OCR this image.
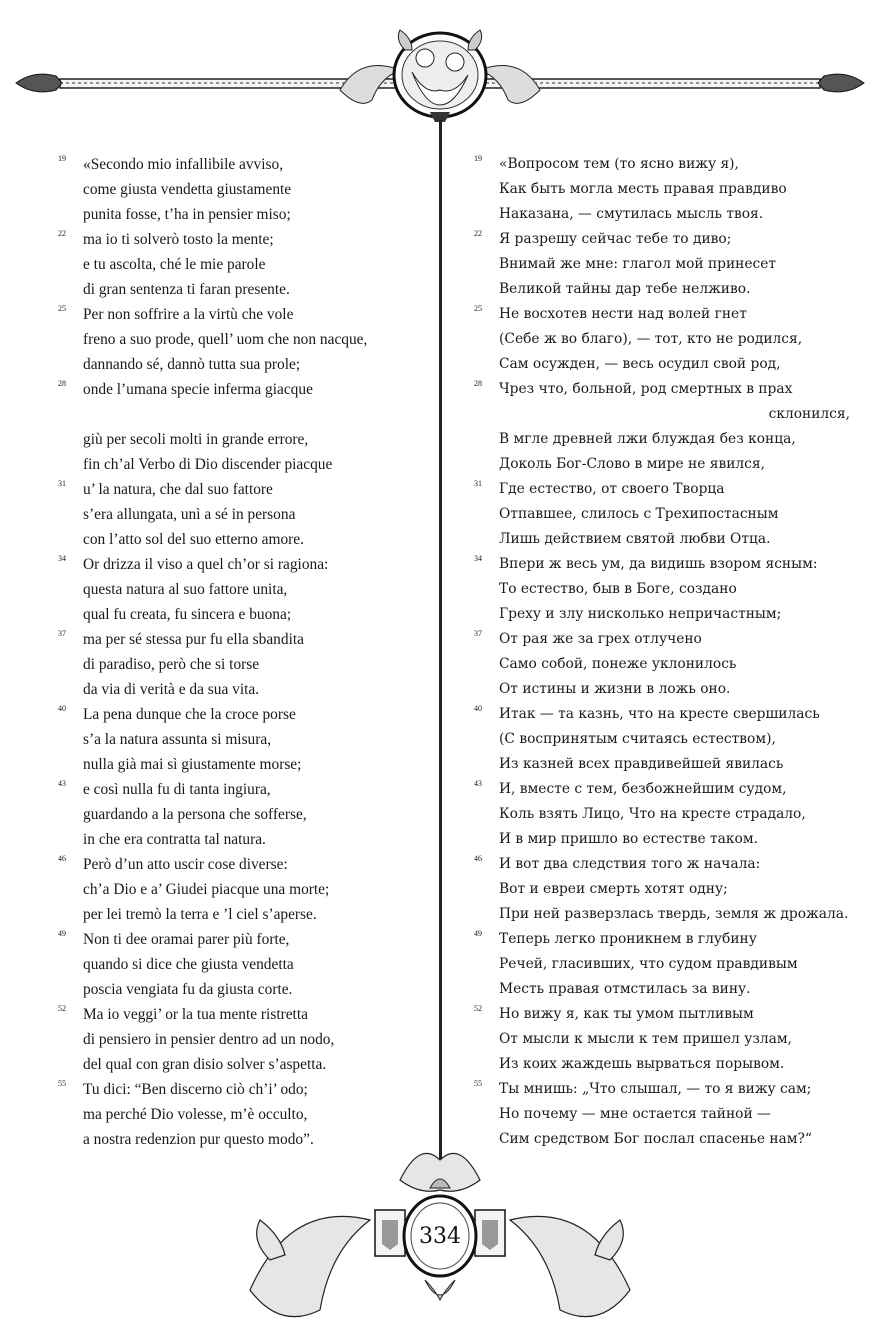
19 «Secondo mio infallibile avviso,
come giusta vendetta giustamente
punita fosse, t’ha in pensier miso;
22 ma io ti solverò tosto la mente;
e tu ascolta, ché le mie parole
di gran sentenza ti faran presente.
25 Per non soffrire a la virtù che vole
freno a suo prode, quell’ uom che non nacque,
dannando sé, dannò tutta sua prole;
28 onde l’umana specie inferma giacque
giù per secoli molti in grande errore,
fin ch’al Verbo di Dio discender piacque
31 u’ la natura, che dal suo fattore
s’era allungata, unì a sé in persona
con l’atto sol del suo etterno amore.
34 Or drizza il viso a quel ch’or si ragiona:
questa natura al suo fattore unita,
qual fu creata, fu sincera e buona;
37 ma per sé stessa pur fu ella sbandita
di paradiso, però che si torse
da via di verità e da sua vita.
40 La pena dunque che la croce porse
s’a la natura assunta si misura,
nulla già mai sì giustamente morse;
43 e così nulla fu di tanta ingiura,
guardando a la persona che sofferse,
in che era contratta tal natura.
46 Però d’un atto uscir cose diverse:
ch’a Dio e a’ Giudei piacque una morte;
per lei tremò la terra e ’l ciel s’aperse.
49 Non ti dee oramai parer più forte,
quando si dice che giusta vendetta
poscia vengiata fu da giusta corte.
52 Ma io veggi’ or la tua mente ristretta
di pensiero in pensier dentro ad un nodo,
del qual con gran disio solver s’aspetta.
55 Tu dici: “Ben discerno ciò ch’i’ odo;
ma perché Dio volesse, m’è occulto,
a nostra redenzion pur questo modo”.
19 «Вопросом тем (то ясно вижу я),
Как быть могла месть правая правдиво
Наказана, — смутилась мысль твоя.
22 Я разрешу сейчас тебе то диво;
Внимай же мне: глагол мой принесет
Великой тайны дар тебе нелживо.
25 Не восхотев нести над волей гнет
(Себе ж во благо), — тот, кто не родился,
Сам осужден, — весь осудил свой род,
28 Чрез что, больной, род смертных в прах
склонился,
В мгле древней лжи блуждая без конца,
Доколь Бог-Слово в мире не явился,
31 Где естество, от своего Творца
Отпавшее, слилось с Трехипостасным
Лишь действием святой любви Отца.
34 Впери ж весь ум, да видишь взором ясным:
То естество, быв в Боге, создано
Греху и злу нисколько непричастным;
37 От рая же за грех отлучено
Само собой, понеже уклонилось
От истины и жизни в ложь оно.
40 Итак — та казнь, что на кресте свершилась
(С воспринятым считаясь естеством),
Из казней всех правдивейшей явилась
43 И, вместе с тем, безбожнейшим судом,
Коль взять Лицо, Что на кресте страдало,
И в мир пришло во естестве таком.
46 И вот два следствия того ж начала:
Вот и евреи смерть хотят одну;
При ней разверзлась твердь, земля ж дрожала.
49 Теперь легко проникнем в глубину
Речей, гласивших, что судом правдивым
Месть правая отмстилась за вину.
52 Но вижу я, как ты умом пытливым
От мысли к мысли к тем пришел узлам,
Из коих жаждешь вырваться порывом.
55 Ты мнишь: „Что слышал, — то я вижу сам;
Но почему — мне остается тайной —
Сим средством Бог послал спасенье нам?“
334
